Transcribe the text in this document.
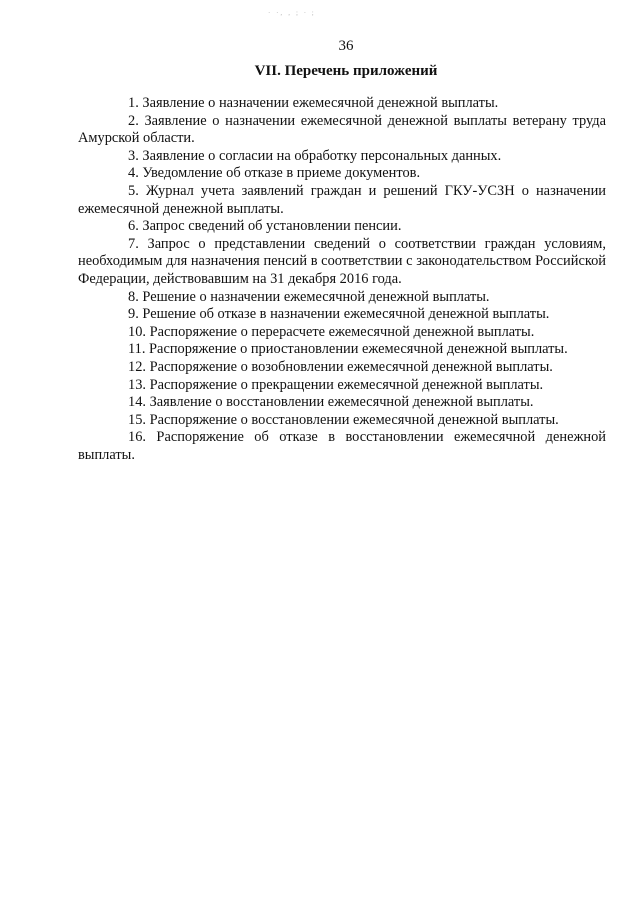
· ·, ‚ ; · ;
36
VII. Перечень приложений
1. Заявление о назначении ежемесячной денежной выплаты.
2. Заявление о назначении ежемесячной денежной выплаты ветерану труда Амурской области.
3. Заявление о согласии на обработку персональных данных.
4. Уведомление об отказе в приеме документов.
5. Журнал учета заявлений граждан и решений ГКУ-УСЗН о назначении ежемесячной денежной выплаты.
6. Запрос сведений об установлении пенсии.
7. Запрос о представлении сведений о соответствии граждан условиям, необходимым для назначения пенсий в соответствии с законодательством Российской Федерации, действовавшим на 31 декабря 2016 года.
8. Решение о назначении ежемесячной денежной выплаты.
9. Решение об отказе в назначении ежемесячной денежной выплаты.
10. Распоряжение о перерасчете ежемесячной денежной выплаты.
11. Распоряжение о приостановлении ежемесячной денежной выплаты.
12. Распоряжение о возобновлении ежемесячной денежной выплаты.
13. Распоряжение о прекращении ежемесячной денежной выплаты.
14. Заявление о восстановлении ежемесячной денежной выплаты.
15. Распоряжение о восстановлении ежемесячной денежной выплаты.
16. Распоряжение об отказе в восстановлении ежемесячной денежной выплаты.
